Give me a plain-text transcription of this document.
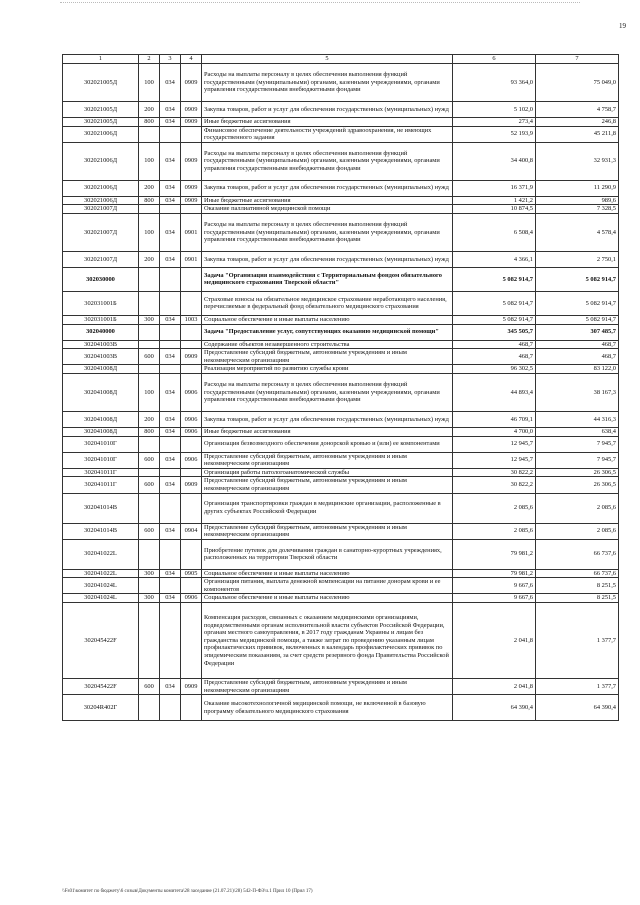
19
1	2	3	4	5	6	7
302021005Д	100	034	0909	Расходы на выплаты персоналу в целях обеспечения выполнения функций государственными (муниципальными) органами, казенными учреждениями, органами управления государственными внебюджетными фондами	93 364,0	75 049,0
302021005Д	200	034	0909	Закупка товаров, работ и услуг для обеспечения государственных (муниципальных) нужд	5 102,0	4 758,7
302021005Д	800	034	0909	Иные бюджетные ассигнования	273,4	246,8
302021006Д				Финансовое обеспечение деятельности учреждений здравоохранения, не имеющих государственного задания	52 193,9	45 211,8
302021006Д	100	034	0909	Расходы на выплаты персоналу в целях обеспечения выполнения функций государственными (муниципальными) органами, казенными учреждениями, органами управления государственными внебюджетными фондами	34 400,8	32 931,3
302021006Д	200	034	0909	Закупка товаров, работ и услуг для обеспечения государственных (муниципальных) нужд	16 371,9	11 290,9
302021006Д	800	034	0909	Иные бюджетные ассигнования	1 421,2	989,6
302021007Д				Оказание паллиативной медицинской помощи	10 874,5	7 328,5
302021007Д	100	034	0901	Расходы на выплаты персоналу в целях обеспечения выполнения функций государственными (муниципальными) органами, казенными учреждениями, органами управления государственными внебюджетными фондами	6 508,4	4 578,4
302021007Д	200	034	0901	Закупка товаров, работ и услуг для обеспечения государственных (муниципальных) нужд	4 366,1	2 750,1
302030000				Задача "Организация взаимодействия с Территориальным фондом обязательного медицинского страхования Тверской области"	5 082 914,7	5 082 914,7
302031001Б				Страховые взносы на обязательное медицинское страхование неработающего населения, перечисляемые в федеральный фонд обязательного медицинского страхования	5 082 914,7	5 082 914,7
302031001Б	300	034	1003	Социальное обеспечение и иные выплаты населению	5 082 914,7	5 082 914,7
302040000				Задача "Предоставление услуг, сопутствующих оказанию медицинской помощи"	345 505,7	307 485,7
302041003В				Содержание объектов незавершенного строительства	468,7	468,7
302041003В	600	034	0909	Предоставление субсидий бюджетным, автономным учреждениям и иным некоммерческим организациям	468,7	468,7
302041008Д				Реализация мероприятий по развитию службы крови	96 302,5	83 122,0
302041008Д	100	034	0906	Расходы на выплаты персоналу в целях обеспечения выполнения функций государственными (муниципальными) органами, казенными учреждениями, органами управления государственными внебюджетными фондами	44 893,4	38 167,3
302041008Д	200	034	0906	Закупка товаров, работ и услуг для обеспечения государственных (муниципальных) нужд	46 709,1	44 316,3
302041008Д	800	034	0906	Иные бюджетные ассигнования	4 700,0	638,4
302041010Г				Организация безвозмездного обеспечения донорской кровью и (или) ее компонентами	12 945,7	7 945,7
302041010Г	600	034	0906	Предоставление субсидий бюджетным, автономным учреждениям и иным некоммерческим организациям	12 945,7	7 945,7
302041011Г				Организация работы патологоанатомической службы	30 822,2	26 306,5
302041011Г	600	034	0909	Предоставление субсидий бюджетным, автономным учреждениям и иным некоммерческим организациям	30 822,2	26 306,5
302041014В				Организация транспортировки граждан в медицинские организации, расположенные в других субъектах Российской Федерации	2 085,6	2 085,6
302041014В	600	034	0904	Предоставление субсидий бюджетным, автономным учреждениям и иным некоммерческим организациям	2 085,6	2 085,6
302041022L				Приобретение путевок для долечивания граждан в санаторно-курортных учреждениях, расположенных на территории Тверской области	79 981,2	66 737,6
302041022L	300	034	0905	Социальное обеспечение и иные выплаты населению	79 981,2	66 737,6
302041024L				Организация питания, выплата денежной компенсации на питание донорам крови и ее компонентов	9 667,6	8 251,5
302041024L	300	034	0906	Социальное обеспечение и иные выплаты населению	9 667,6	8 251,5
302045422F				Компенсация расходов, связанных с оказанием медицинскими организациями, подведомственными органам исполнительной власти субъектов Российской Федерации, органам местного самоуправления, в 2017 году гражданам Украины и лицам без гражданства медицинской помощи, а также затрат по проведению указанным лицам профилактических прививок, включенных в календарь профилактических прививок по эпидемическим показаниям, за счет средств резервного фонда Правительства Российской Федерации	2 041,8	1 377,7
302045422F	600	034	0909	Предоставление субсидий бюджетным, автономным учреждениям и иным некоммерческим организациям	2 041,8	1 377,7
30204R402Г				Оказание высокотехнологичной медицинской помощи, не включенной в базовую программу обязательного медицинского страхования	64 390,4	64 390,4
\\Fs01\комитет по бюджету\6 созыв\Документы комитета\28 заседание (21.07.21)\28) 542-П-ФЗ\ч.1 Прил 10 (Прил 17)
